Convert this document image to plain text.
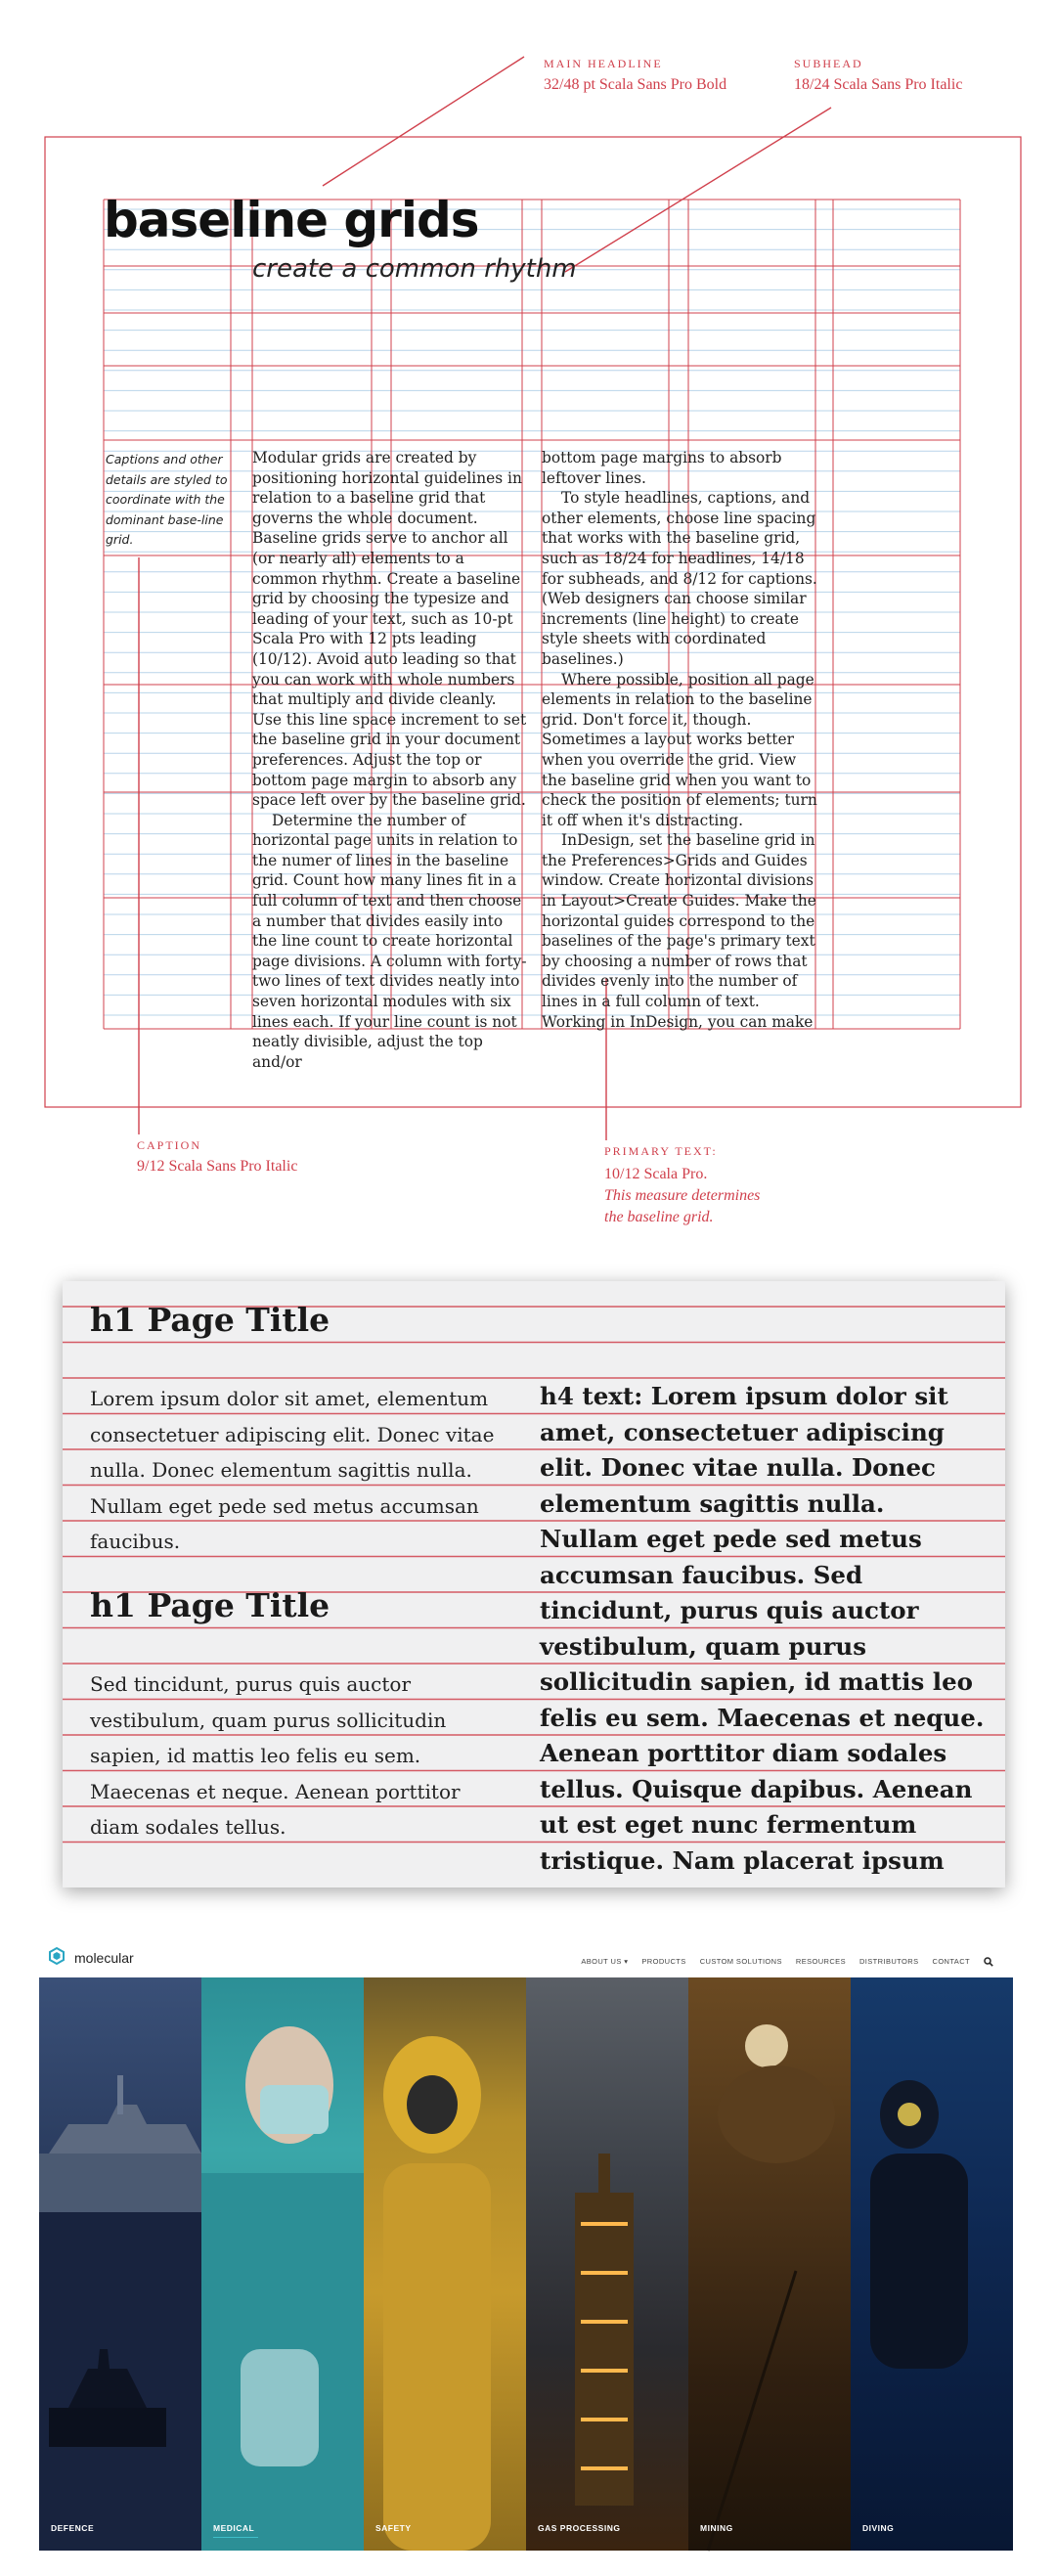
MAIN HEADLINE
32/48 pt Scala Sans Pro Bold
SUBHEAD
18/24 Scala Sans Pro Italic
baseline grids
create a common rhythm
Captions and other details are styled to coordinate with the dominant base-line grid.

Modular grids are created by positioning horizontal guidelines in relation to a baseline grid that governs the whole document. Baseline grids serve to anchor all (or nearly all) elements to a common rhythm. Create a baseline grid by choosing the typesize and leading of your text, such as 10-pt Scala Pro with 12 pts leading (10/12). Avoid auto leading so that you can work with whole numbers that multiply and divide cleanly. Use this line space increment to set the baseline grid in your document preferences. Adjust the top or bottom page margin to absorb any space left over by the baseline grid.

Determine the number of horizontal page units in relation to the numer of lines in the baseline grid. Count how many lines fit in a full column of text and then choose a number that divides easily into the line count to create horizontal page divisions. A column with forty-two lines of text divides neatly into seven horizontal modules with six lines each. If your line count is not neatly divisible, adjust the top and/or

bottom page margins to absorb leftover lines.

To style headlines, captions, and other elements, choose line spacing that works with the baseline grid, such as 18/24 for headlines, 14/18 for subheads, and 8/12 for captions. (Web designers can choose similar increments (line height) to create style sheets with coordinated baselines.)

Where possible, position all page elements in relation to the baseline grid. Don't force it, though. Sometimes a layout works better when you override the grid. View the baseline grid when you want to check the position of elements; turn it off when it's distracting.

InDesign, set the baseline grid in the Preferences>Grids and Guides window. Create horizontal divisions in Layout>Create Guides. Make the horizontal guides correspond to the baselines of the page's primary text by choosing a number of rows that divides evenly into the number of lines in a full column of text. Working in InDesign, you can make

CAPTION
9/12 Scala Sans Pro Italic
PRIMARY TEXT:
10/12 Scala Pro.
This measure determines
the baseline grid.
h1 Page Title
Lorem ipsum dolor sit amet, elementum
consectetuer adipiscing elit. Donec vitae
nulla. Donec elementum sagittis nulla.
Nullam eget pede sed metus accumsan
faucibus.
h1 Page Title
Sed tincidunt, purus quis auctor
vestibulum, quam purus sollicitudin
sapien, id mattis leo felis eu sem.
Maecenas et neque. Aenean porttitor
diam sodales tellus.
h4 text: Lorem ipsum dolor sit
amet, consectetuer adipiscing
elit. Donec vitae nulla. Donec
elementum sagittis nulla.
Nullam eget pede sed metus
accumsan faucibus. Sed
tincidunt, purus quis auctor
vestibulum, quam purus
sollicitudin sapien, id mattis leo
felis eu sem. Maecenas et neque.
Aenean porttitor diam sodales
tellus. Quisque dapibus. Aenean
ut est eget nunc fermentum
tristique. Nam placerat ipsum
molecular	ABOUT US ▾ PRODUCTS CUSTOM SOLUTIONS RESOURCES DISTRIBUTORS CONTACT
DEFENCE	MEDICAL	SAFETY	GAS PROCESSING	MINING	DIVING
